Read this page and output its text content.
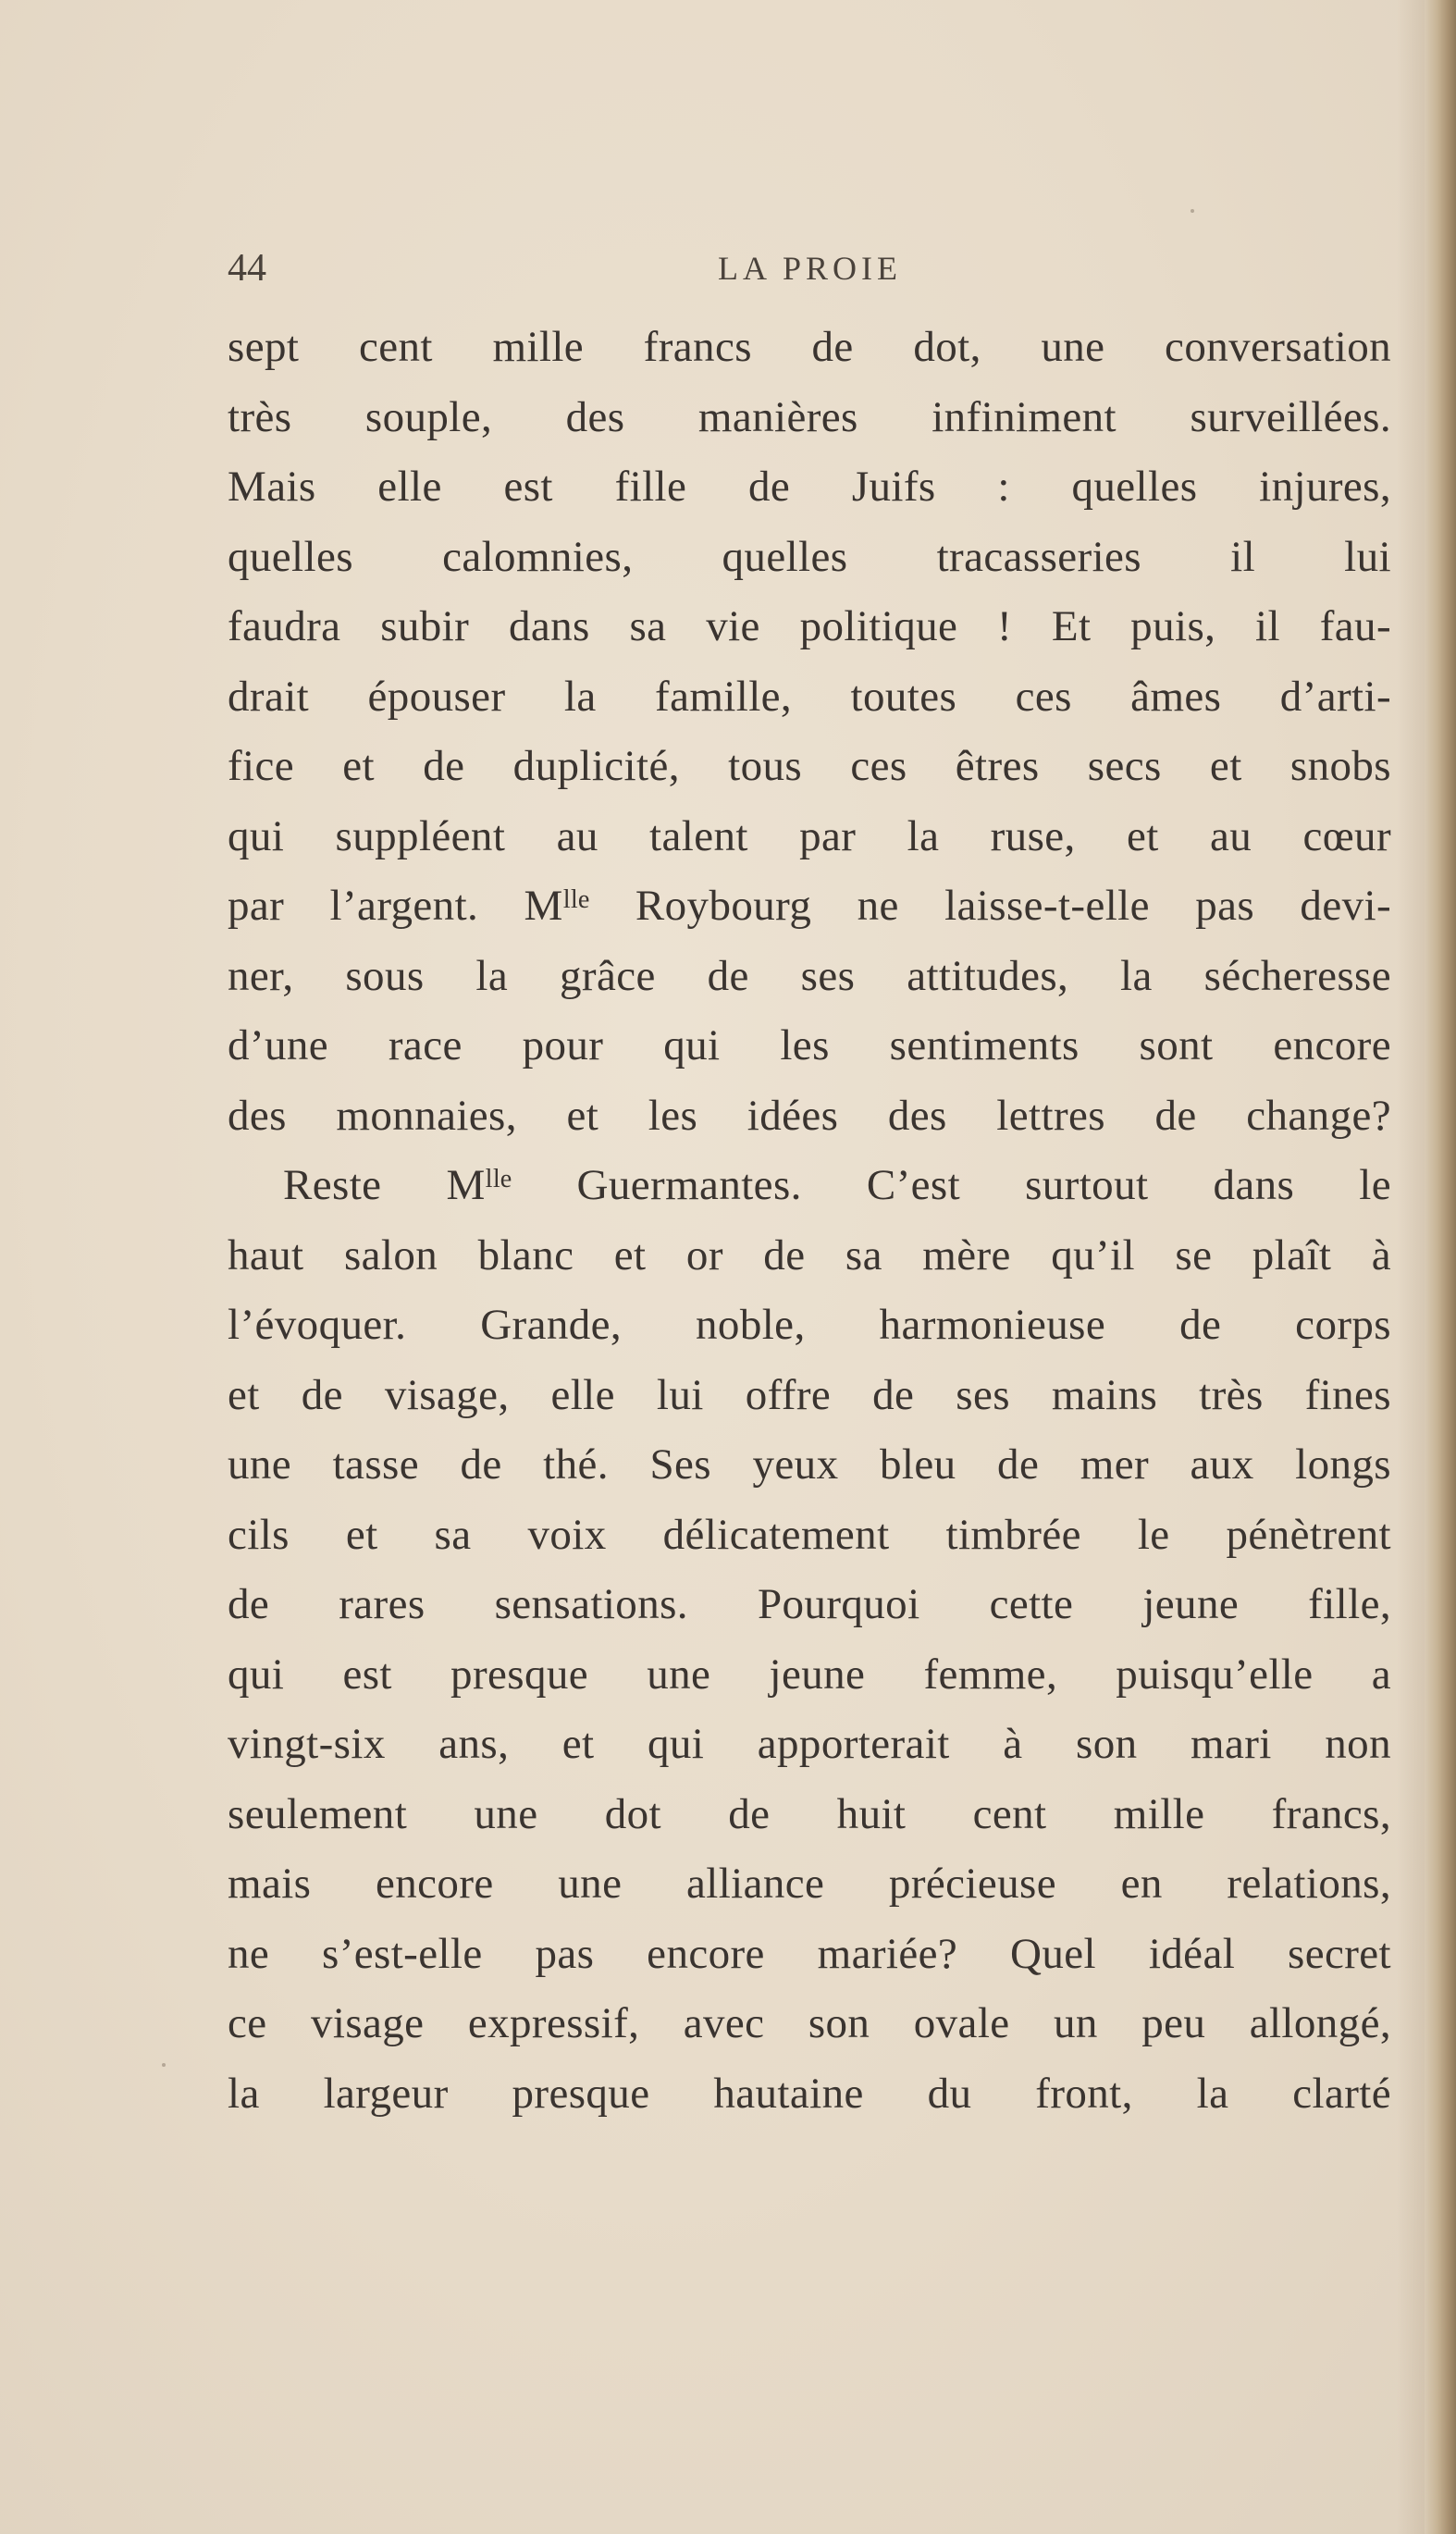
44	LA PROIE
sept cent mille francs de dot, une conversation
très souple, des manières infiniment surveillées.
Mais elle est fille de Juifs : quelles injures,
quelles calomnies, quelles tracasseries il lui
faudra subir dans sa vie politique ! Et puis, il fau-
drait épouser la famille, toutes ces âmes d’arti-
fice et de duplicité, tous ces êtres secs et snobs
qui suppléent au talent par la ruse, et au cœur
par l’argent. Mˡˡᵉ Roybourg ne laisse-t-elle pas devi-
ner, sous la grâce de ses attitudes, la sécheresse
d’une race pour qui les sentiments sont encore
des monnaies, et les idées des lettres de change?
Reste Mˡˡᵉ Guermantes. C’est surtout dans le
haut salon blanc et or de sa mère qu’il se plaît à
l’évoquer. Grande, noble, harmonieuse de corps
et de visage, elle lui offre de ses mains très fines
une tasse de thé. Ses yeux bleu de mer aux longs
cils et sa voix délicatement timbrée le pénètrent
de rares sensations. Pourquoi cette jeune fille,
qui est presque une jeune femme, puisqu’elle a
vingt-six ans, et qui apporterait à son mari non
seulement une dot de huit cent mille francs,
mais encore une alliance précieuse en relations,
ne s’est-elle pas encore mariée? Quel idéal secret
ce visage expressif, avec son ovale un peu allongé,
la largeur presque hautaine du front, la clarté
